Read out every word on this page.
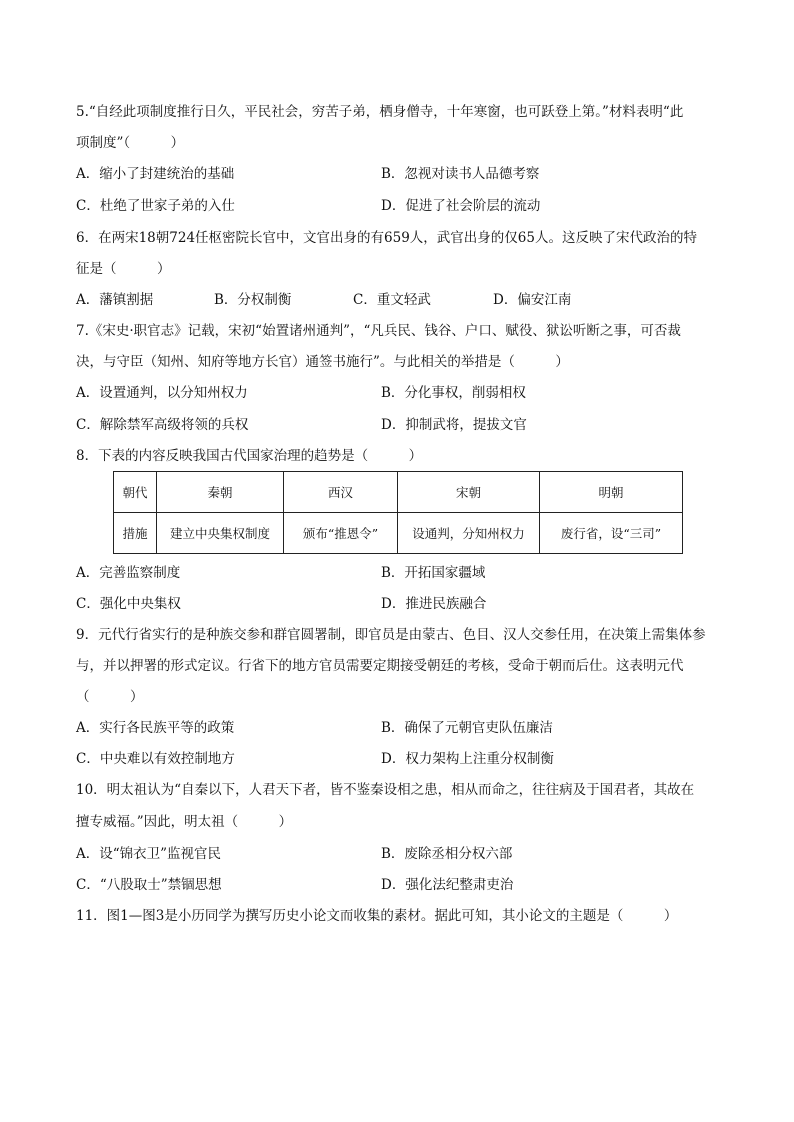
5.“自经此项制度推行日久，平民社会，穷苦子弟，栖身僧寺，十年寒窗，也可跃登上第。”材料表明“此
项制度”（　　　）
A．缩小了封建统治的基础	B．忽视对读书人品德考察
C．杜绝了世家子弟的入仕	D．促进了社会阶层的流动
6．在两宋18朝724任枢密院长官中，文官出身的有659人，武官出身的仅65人。这反映了宋代政治的特
征是（　　　）
A．藩镇割据	B．分权制衡	C．重文轻武	D．偏安江南
7.《宋史·职官志》记载，宋初“始置诸州通判”，“凡兵民、钱谷、户口、赋役、狱讼听断之事，可否裁
决，与守臣（知州、知府等地方长官）通签书施行”。与此相关的举措是（　　　）
A．设置通判，以分知州权力	B．分化事权，削弱相权
C．解除禁军高级将领的兵权	D．抑制武将，提拔文官
8．下表的内容反映我国古代国家治理的趋势是（　　　）
朝代	秦朝	西汉	宋朝	明朝
措施	建立中央集权制度	颁布“推恩令”	设通判，分知州权力	废行省，设“三司”
A．完善监察制度	B．开拓国家疆域
C．强化中央集权	D．推进民族融合
9．元代行省实行的是种族交参和群官圆署制，即官员是由蒙古、色目、汉人交参任用，在决策上需集体参
与，并以押署的形式定议。行省下的地方官员需要定期接受朝廷的考核，受命于朝而后仕。这表明元代
（　　　）
A．实行各民族平等的政策	B．确保了元朝官吏队伍廉洁
C．中央难以有效控制地方	D．权力架构上注重分权制衡
10．明太祖认为“自秦以下，人君天下者，皆不鉴秦设相之患，相从而命之，往往病及于国君者，其故在
擅专威福。”因此，明太祖（　　　）
A．设“锦衣卫”监视官民	B．废除丞相分权六部
C．“八股取士”禁锢思想	D．强化法纪整肃吏治
11．图1—图3是小历同学为撰写历史小论文而收集的素材。据此可知，其小论文的主题是（　　　）
